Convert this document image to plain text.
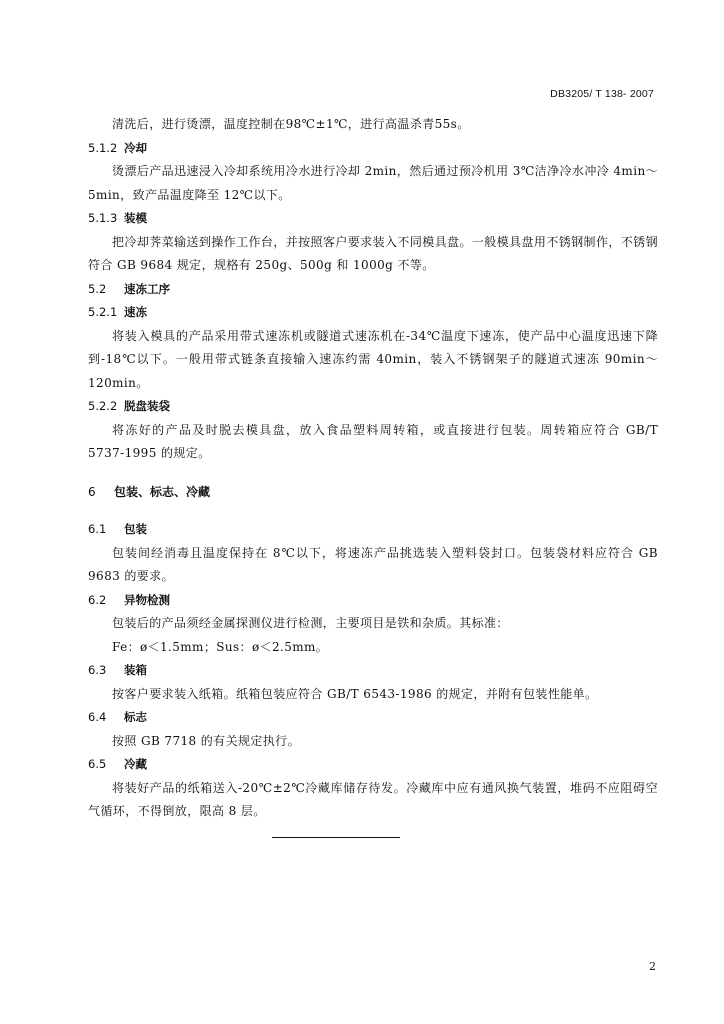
DB3205/ T 138- 2007

清洗后，进行烫漂，温度控制在98℃±1℃，进行高温杀青55s。

5.1.2 冷却

烫漂后产品迅速浸入冷却系统用冷水进行冷却 2min，然后通过预冷机用 3℃洁净冷水冲冷 4min～5min，致产品温度降至 12℃以下。

5.1.3 装模

把冷却荠菜输送到操作工作台，并按照客户要求装入不同模具盘。一般模具盘用不锈钢制作，不锈钢符合 GB 9684 规定，规格有 250g、500g 和 1000g 不等。

5.2 速冻工序

5.2.1 速冻

将装入模具的产品采用带式速冻机或隧道式速冻机在-34℃温度下速冻，使产品中心温度迅速下降到-18℃以下。一般用带式链条直接输入速冻约需 40min，装入不锈钢架子的隧道式速冻 90min～120min。

5.2.2 脱盘装袋

将冻好的产品及时脱去模具盘，放入食品塑料周转箱，或直接进行包装。周转箱应符合 GB/T 5737-1995 的规定。

6 包装、标志、冷藏

6.1 包装

包装间经消毒且温度保持在 8℃以下，将速冻产品挑选装入塑料袋封口。包装袋材料应符合 GB 9683 的要求。

6.2 异物检测

包装后的产品须经金属探测仪进行检测，主要项目是铁和杂质。其标准：

Fe：ø＜1.5mm；Sus：ø＜2.5mm。

6.3 装箱

按客户要求装入纸箱。纸箱包装应符合 GB/T 6543-1986 的规定，并附有包装性能单。

6.4 标志

按照 GB 7718 的有关规定执行。

6.5 冷藏

将装好产品的纸箱送入-20℃±2℃冷藏库储存待发。冷藏库中应有通风换气装置，堆码不应阻碍空气循环，不得倒放，限高 8 层。

2
